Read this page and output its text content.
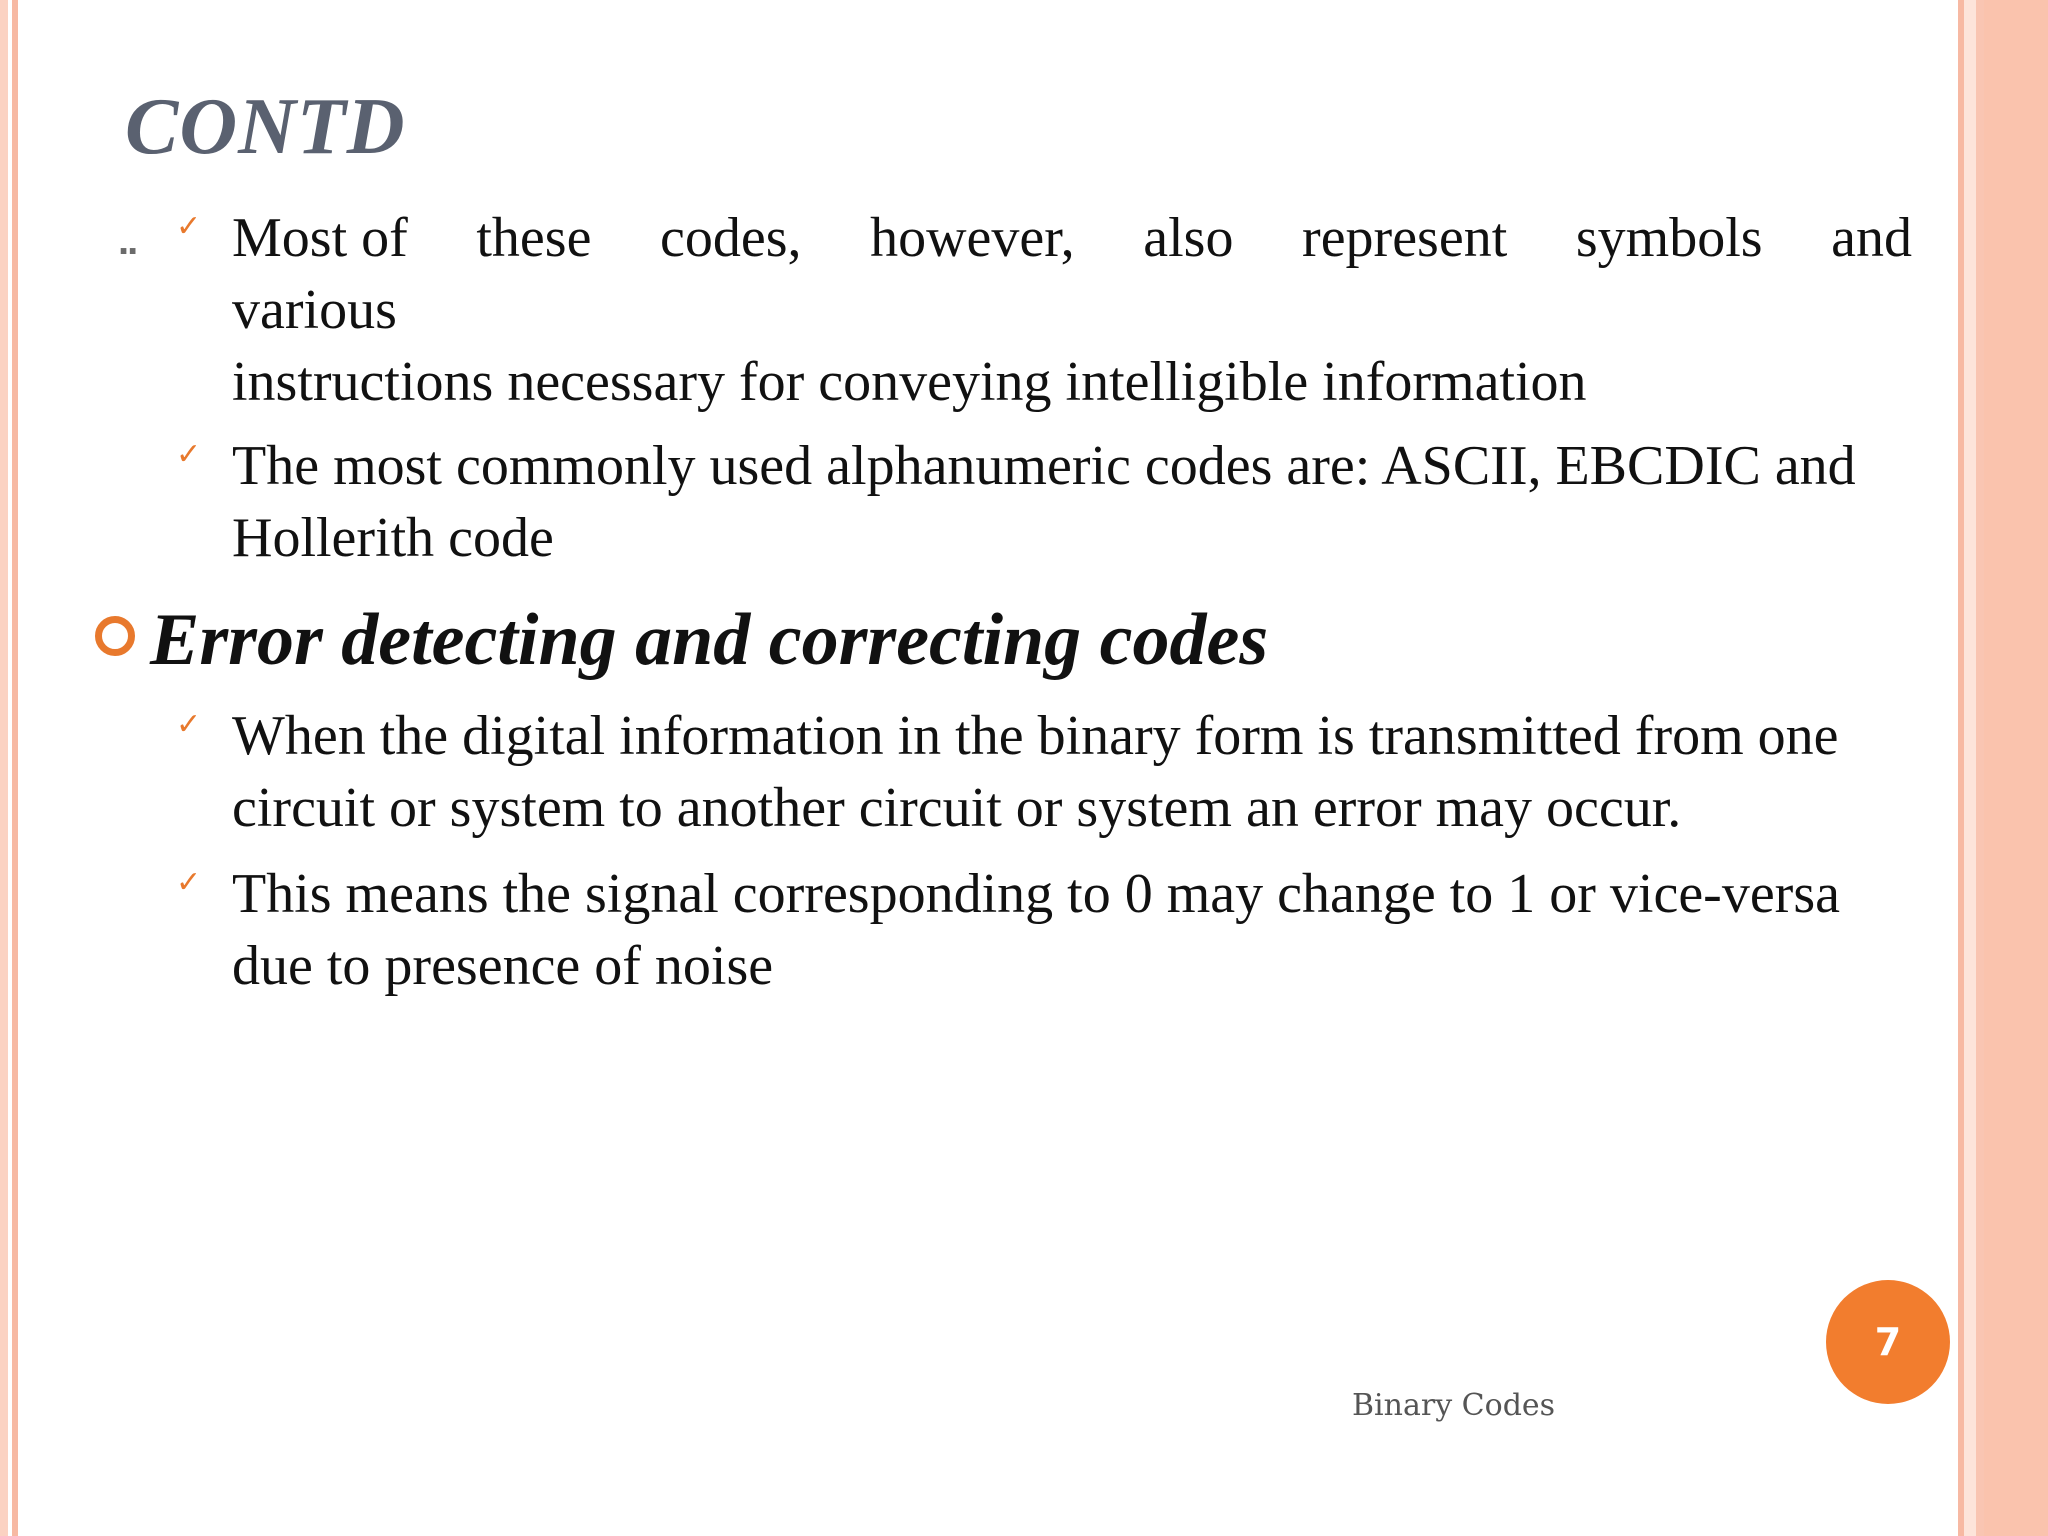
CONTD
.. ✓ Most of these codes, however, also represent symbols and
various
instructions necessary for conveying intelligible information
✓ The most commonly used alphanumeric codes are: ASCII, EBCDIC and
Hollerith code
Error detecting and correcting codes
✓ When the digital information in the binary form is transmitted from one
circuit or system to another circuit or system an error may occur.
✓ This means the signal corresponding to 0 may change to 1 or vice-versa
due to presence of noise
7
Binary Codes
